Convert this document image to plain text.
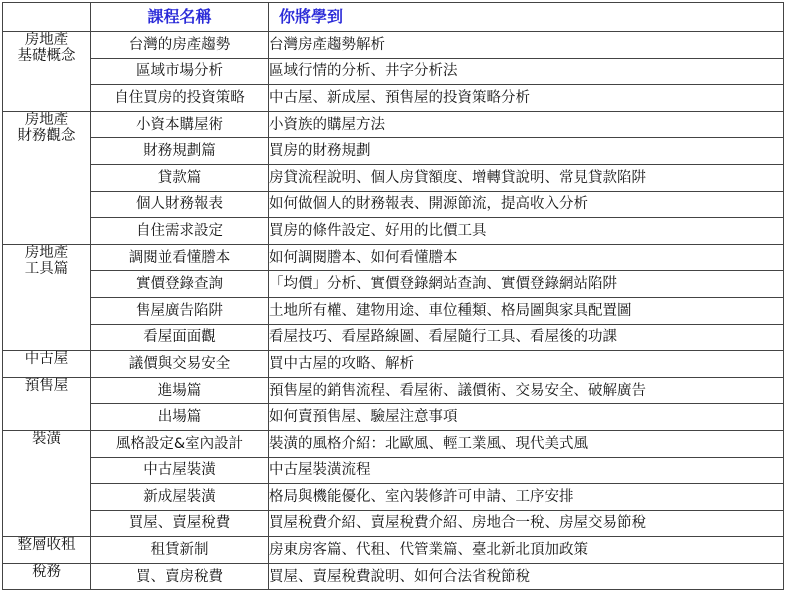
	課程名稱	你將學到

房地產
基礎概念	台灣的房產趨勢	台灣房產趨勢解析
	區域市場分析	區域行情的分析、井字分析法
	自住買房的投資策略	中古屋、新成屋、預售屋的投資策略分析

房地產
財務觀念	小資本購屋術	小資族的購屋方法
	財務規劃篇	買房的財務規劃
	貸款篇	房貸流程說明、個人房貸額度、增轉貸說明、常見貸款陷阱
	個人財務報表	如何做個人的財務報表、開源節流，提高收入分析
	自住需求設定	買房的條件設定、好用的比價工具

房地產
工具篇	調閱並看懂謄本	如何調閱謄本、如何看懂謄本
	實價登錄查詢	「均價」分析、實價登錄網站查詢、實價登錄網站陷阱
	售屋廣告陷阱	土地所有權、建物用途、車位種類、格局圖與家具配置圖
	看屋面面觀	看屋技巧、看屋路線圖、看屋隨行工具、看屋後的功課

中古屋	議價與交易安全	買中古屋的攻略、解析

預售屋	進場篇	預售屋的銷售流程、看屋術、議價術、交易安全、破解廣告
	出場篇	如何賣預售屋、驗屋注意事項

裝潢	風格設定&室內設計	裝潢的風格介紹：北歐風、輕工業風、現代美式風
	中古屋裝潢	中古屋裝潢流程
	新成屋裝潢	格局與機能優化、室內裝修許可申請、工序安排
	買屋、賣屋稅費	買屋稅費介紹、賣屋稅費介紹、房地合一稅、房屋交易節稅

整層收租	租賃新制	房東房客篇、代租、代管業篇、臺北新北頂加政策

稅務	買、賣房稅費	買屋、賣屋稅費說明、如何合法省稅節稅
